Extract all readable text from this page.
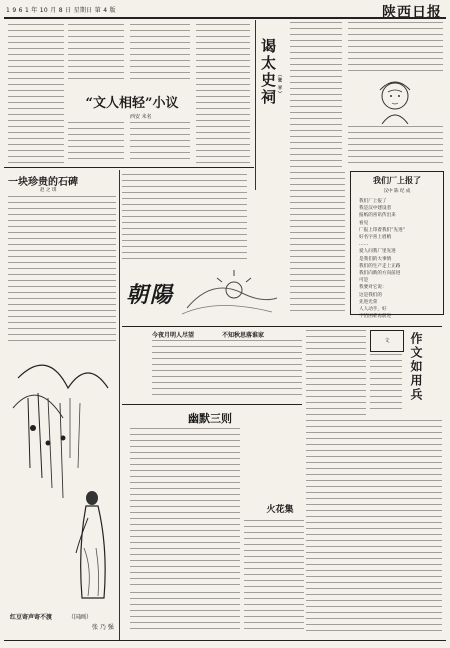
1 9 6 1 年 10 月 8 日 星期日 第 4 版	陕西日报
“文人相轻”小议
西安 未名
谒太史祠 （张 平）
我们厂上报了
汉中 陈 纪 成
我们厂上报了
我是汉中建设者
报纸的喜讯传出来
看见
厂报上印着我们“先进”
好名字喜上眉梢
……
爱人问我厂里先进
是我们的大事情
我们的生产走上正路
我们向新的方向前进
可是
我要对它说：
这是我们的
先进光荣
人人动手，好
不怕困难再前进
一块珍贵的石碑
赵 之 琪
朝陽
今夜月明人尽望	不知秋思落谁家
文	作文如用兵
红豆寄声寄不渡	（国画）
张 乃 强
幽默三则
火花集
